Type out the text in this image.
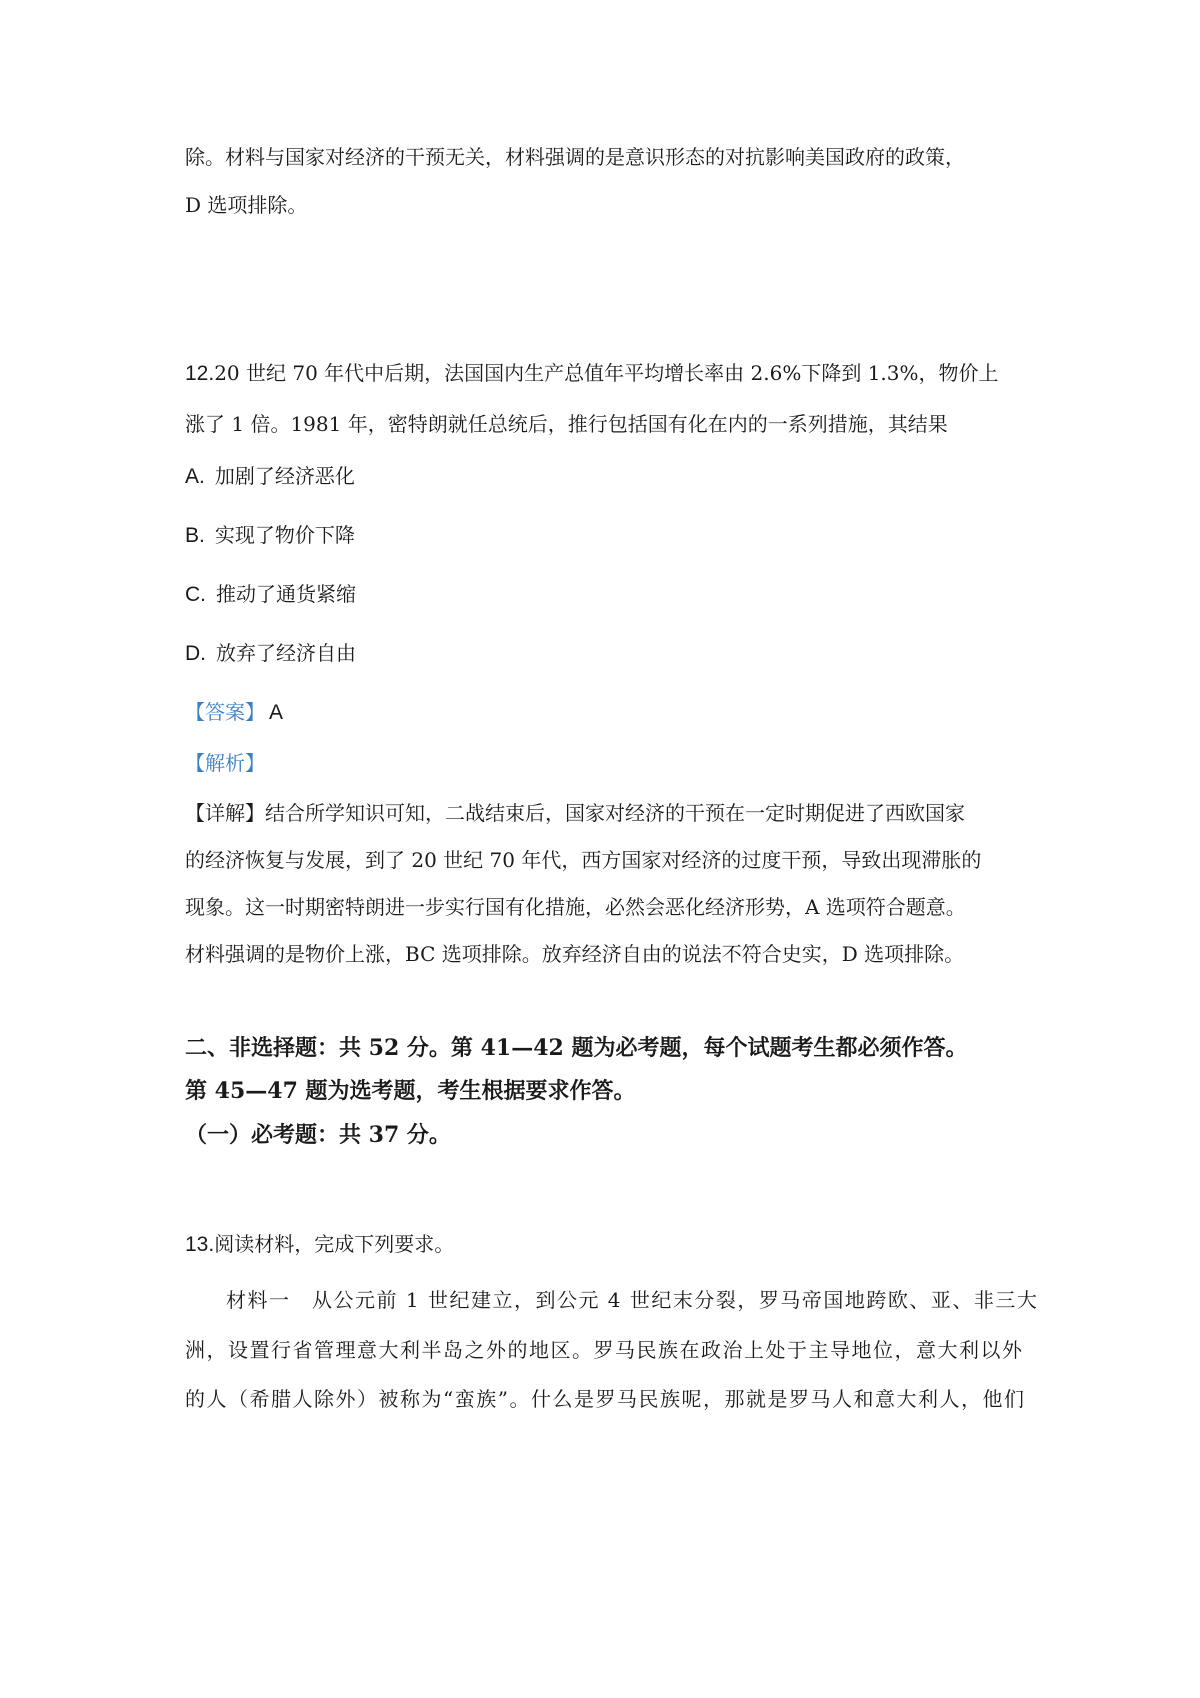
除。材料与国家对经济的干预无关，材料强调的是意识形态的对抗影响美国政府的政策，
D 选项排除。
12.20 世纪 70 年代中后期，法国国内生产总值年平均增长率由 2.6%下降到 1.3%，物价上
涨了 1 倍。1981 年，密特朗就任总统后，推行包括国有化在内的一系列措施，其结果
A. 加剧了经济恶化
B. 实现了物价下降
C. 推动了通货紧缩
D. 放弃了经济自由
【答案】 A
【解析】
【详解】结合所学知识可知，二战结束后，国家对经济的干预在一定时期促进了西欧国家
的经济恢复与发展，到了 20 世纪 70 年代，西方国家对经济的过度干预，导致出现滞胀的
现象。这一时期密特朗进一步实行国有化措施，必然会恶化经济形势，A 选项符合题意。
材料强调的是物价上涨，BC 选项排除。放弃经济自由的说法不符合史实，D 选项排除。
二、非选择题：共 52 分。第 41—42 题为必考题，每个试题考生都必须作答。
第 45—47 题为选考题，考生根据要求作答。
（一）必考题：共 37 分。
13.阅读材料，完成下列要求。
材料一　从公元前 1 世纪建立，到公元 4 世纪末分裂，罗马帝国地跨欧、亚、非三大
洲，设置行省管理意大利半岛之外的地区。罗马民族在政治上处于主导地位，意大利以外
的人（希腊人除外）被称为“蛮族”。什么是罗马民族呢，那就是罗马人和意大利人，他们
